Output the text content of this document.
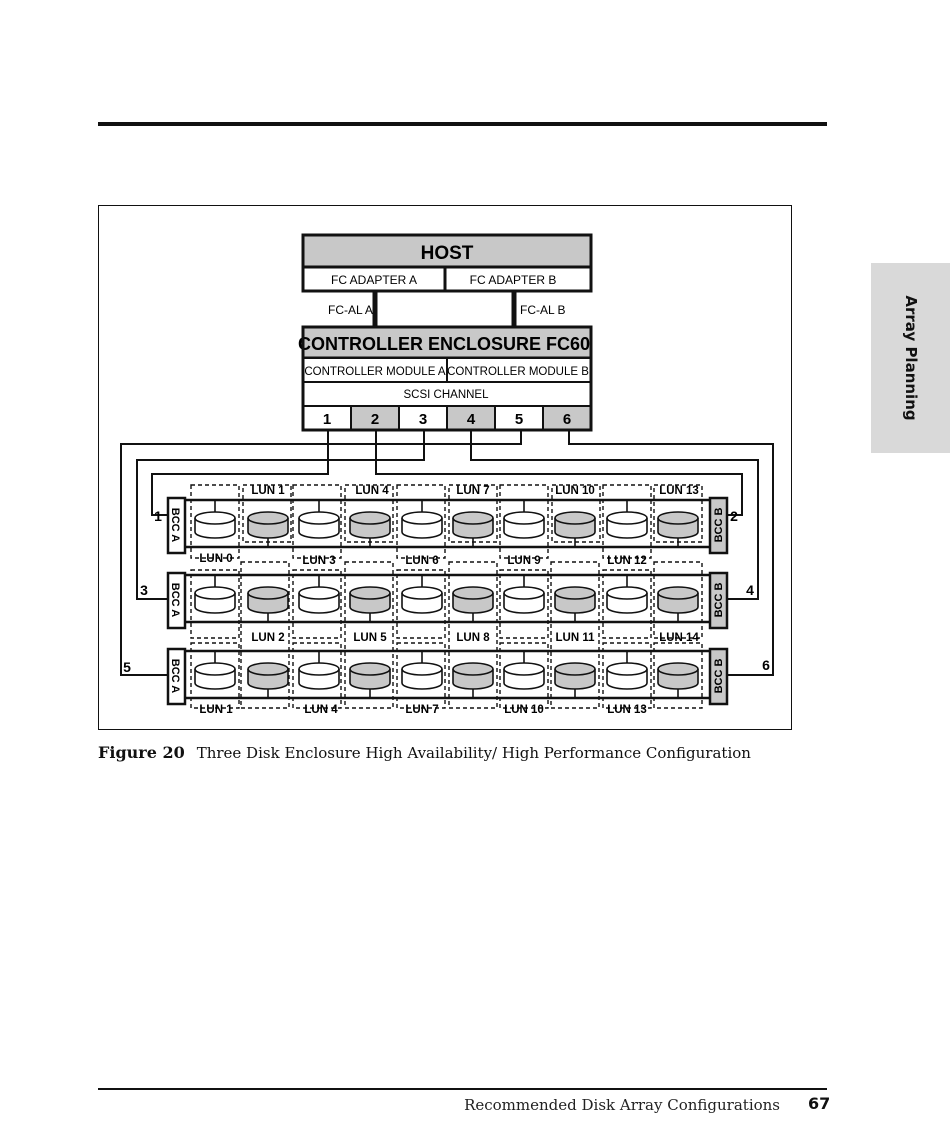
Array Planning
HOST
FC ADAPTER A	FC ADAPTER B
FC-AL A	FC-AL B
CONTROLLER ENCLOSURE FC60
CONTROLLER MODULE A CONTROLLER MODULE B
SCSI CHANNEL
1	2	3	4	5	6
BCC A	BCC B
1	2
BCC A	BCC B
3	4
BCC A	BCC B
5	6
LUN 1	LUN 4	LUN 7	LUN 10	LUN 13
LUN 0	LUN 3	LUN 6	LUN 9	LUN 12
LUN 2	LUN 5	LUN 8	LUN 11	LUN 14
LUN 1	LUN 4	LUN 7	LUN 10	LUN 13
Figure 20 Three Disk Enclosure High Availability/ High Performance Configuration
Recommended Disk Array Configurations 67
